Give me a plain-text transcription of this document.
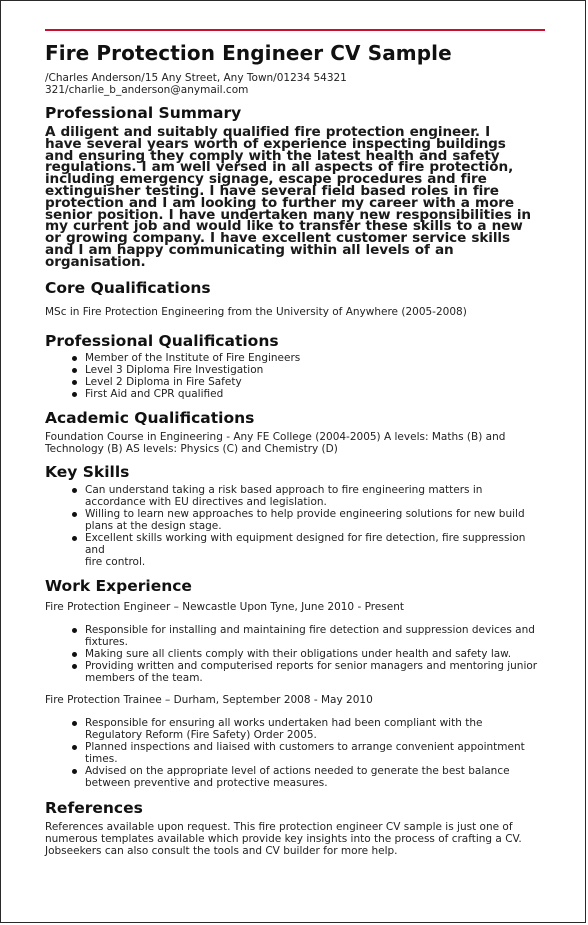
Fire Protection Engineer CV Sample
/Charles Anderson/15 Any Street, Any Town/01234 54321
321/charlie_b_anderson@anymail.com
Professional Summary
A diligent and suitably qualified fire protection engineer. I
have several years worth of experience inspecting buildings
and ensuring they comply with the latest health and safety
regulations. I am well versed in all aspects of fire protection,
including emergency signage, escape procedures and fire
extinguisher testing. I have several field based roles in fire
protection and I am looking to further my career with a more
senior position. I have undertaken many new responsibilities in
my current job and would like to transfer these skills to a new
or growing company. I have excellent customer service skills
and I am happy communicating within all levels of an
organisation.
Core Qualifications
MSc in Fire Protection Engineering from the University of Anywhere (2005-2008)
Professional Qualifications
Member of the Institute of Fire Engineers
Level 3 Diploma Fire Investigation
Level 2 Diploma in Fire Safety
First Aid and CPR qualified
Academic Qualifications
Foundation Course in Engineering - Any FE College (2004-2005) A levels: Maths (B) and
Technology (B) AS levels: Physics (C) and Chemistry (D)
Key Skills
Can understand taking a risk based approach to fire engineering matters in
accordance with EU directives and legislation.
Willing to learn new approaches to help provide engineering solutions for new build
plans at the design stage.
Excellent skills working with equipment designed for fire detection, fire suppression and
fire control.
Work Experience
Fire Protection Engineer – Newcastle Upon Tyne, June 2010 - Present
Responsible for installing and maintaining fire detection and suppression devices and
fixtures.
Making sure all clients comply with their obligations under health and safety law.
Providing written and computerised reports for senior managers and mentoring junior
members of the team.
Fire Protection Trainee – Durham, September 2008 - May 2010
Responsible for ensuring all works undertaken had been compliant with the
Regulatory Reform (Fire Safety) Order 2005.
Planned inspections and liaised with customers to arrange convenient appointment
times.
Advised on the appropriate level of actions needed to generate the best balance
between preventive and protective measures.
References
References available upon request. This fire protection engineer CV sample is just one of
numerous templates available which provide key insights into the process of crafting a CV.
Jobseekers can also consult the tools and CV builder for more help.
